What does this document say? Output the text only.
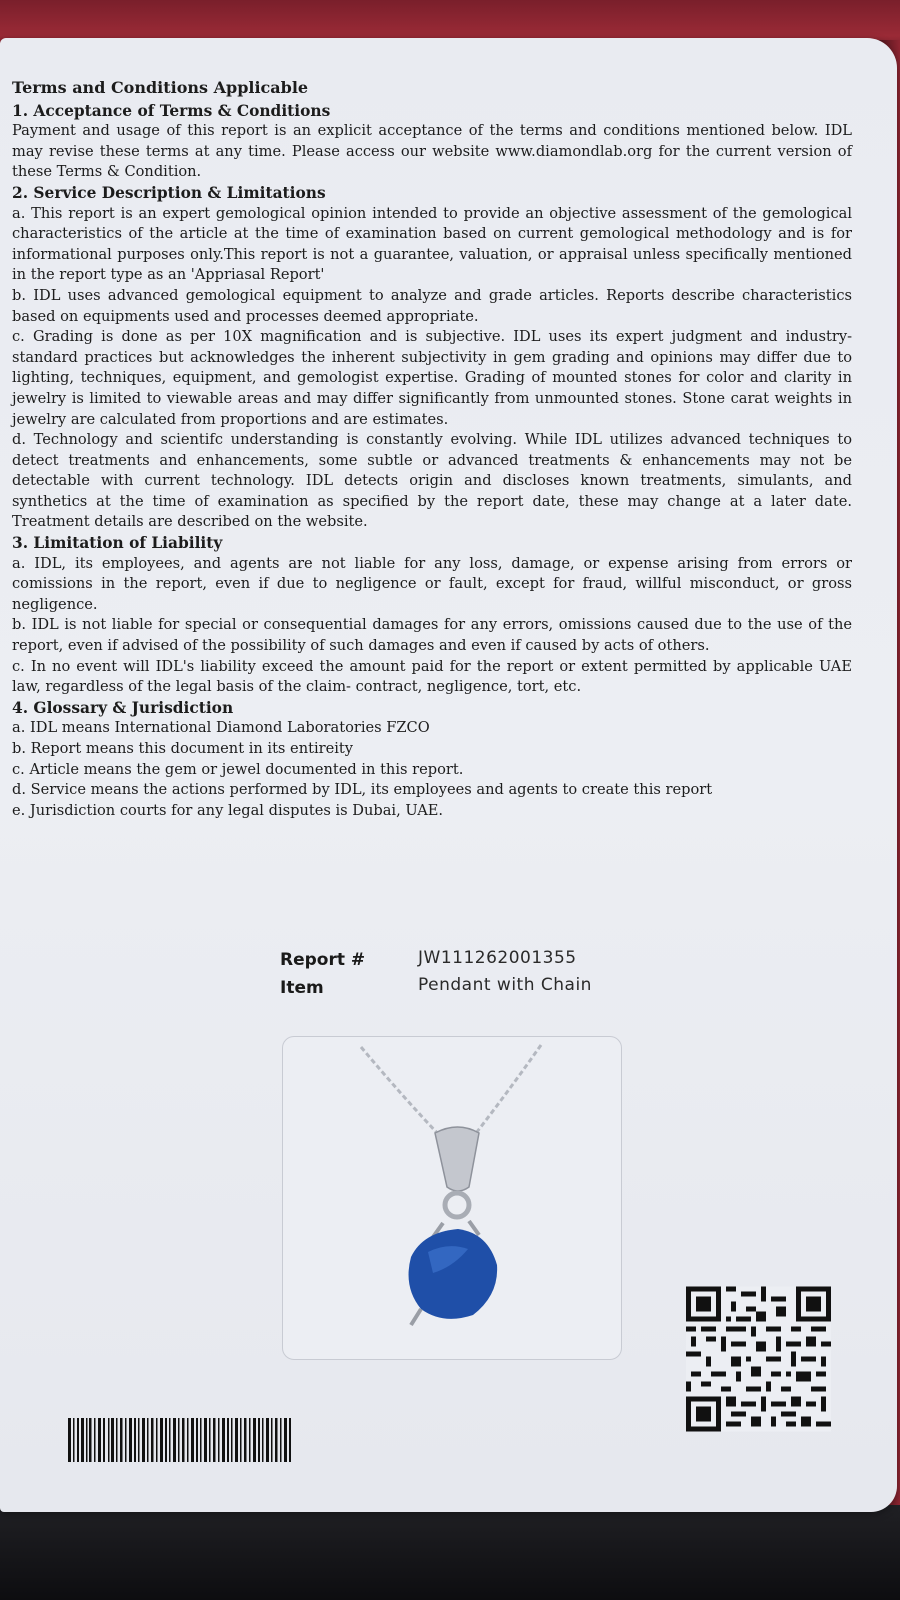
Terms and Conditions Applicable

1. Acceptance of Terms & Conditions

Payment and usage of this report is an explicit acceptance of the terms and conditions mentioned below. IDL may revise these terms at any time. Please access our website www.diamondlab.org for the current version of these Terms & Condition.

2. Service Description & Limitations

a. This report is an expert gemological opinion intended to provide an objective assessment of the gemological characteristics of the article at the time of examination based on current gemological methodology and is for informational purposes only.This report is not a guarantee, valuation, or appraisal unless specifically mentioned in the report type as an 'Appriasal Report'

b. IDL uses advanced gemological equipment to analyze and grade articles. Reports describe characteristics based on equipments used and processes deemed appropriate.

c. Grading is done as per 10X magnification and is subjective. IDL uses its expert judgment and industry-standard practices but acknowledges the inherent subjectivity in gem grading and opinions may differ due to lighting, techniques, equipment, and gemologist expertise. Grading of mounted stones for color and clarity in jewelry is limited to viewable areas and may differ significantly from unmounted stones. Stone carat weights in jewelry are calculated from proportions and are estimates.

d. Technology and scientifc understanding is constantly evolving. While IDL utilizes advanced techniques to detect treatments and enhancements, some subtle or advanced treatments & enhancements may not be detectable with current technology. IDL detects origin and discloses known treatments, simulants, and synthetics at the time of examination as specified by the report date, these may change at a later date. Treatment details are described on the website.

3. Limitation of Liability

a. IDL, its employees, and agents are not liable for any loss, damage, or expense arising from errors or comissions in the report, even if due to negligence or fault, except for fraud, willful misconduct, or gross negligence.

b. IDL is not liable for special or consequential damages for any errors, omissions caused due to the use of the report, even if advised of the possibility of such damages and even if caused by acts of others.

c. In no event will IDL's liability exceed the amount paid for the report or extent permitted by applicable UAE law, regardless of the legal basis of the claim- contract, negligence, tort, etc.

4. Glossary & Jurisdiction

a. IDL means International Diamond Laboratories FZCO

b. Report means this document in its entireity

c. Article means the gem or jewel documented in this report.

d. Service means the actions performed by IDL, its employees and agents to create this report

e. Jurisdiction courts for any legal disputes is Dubai, UAE.

Report #	JW111262001355
Item	Pendant with Chain
